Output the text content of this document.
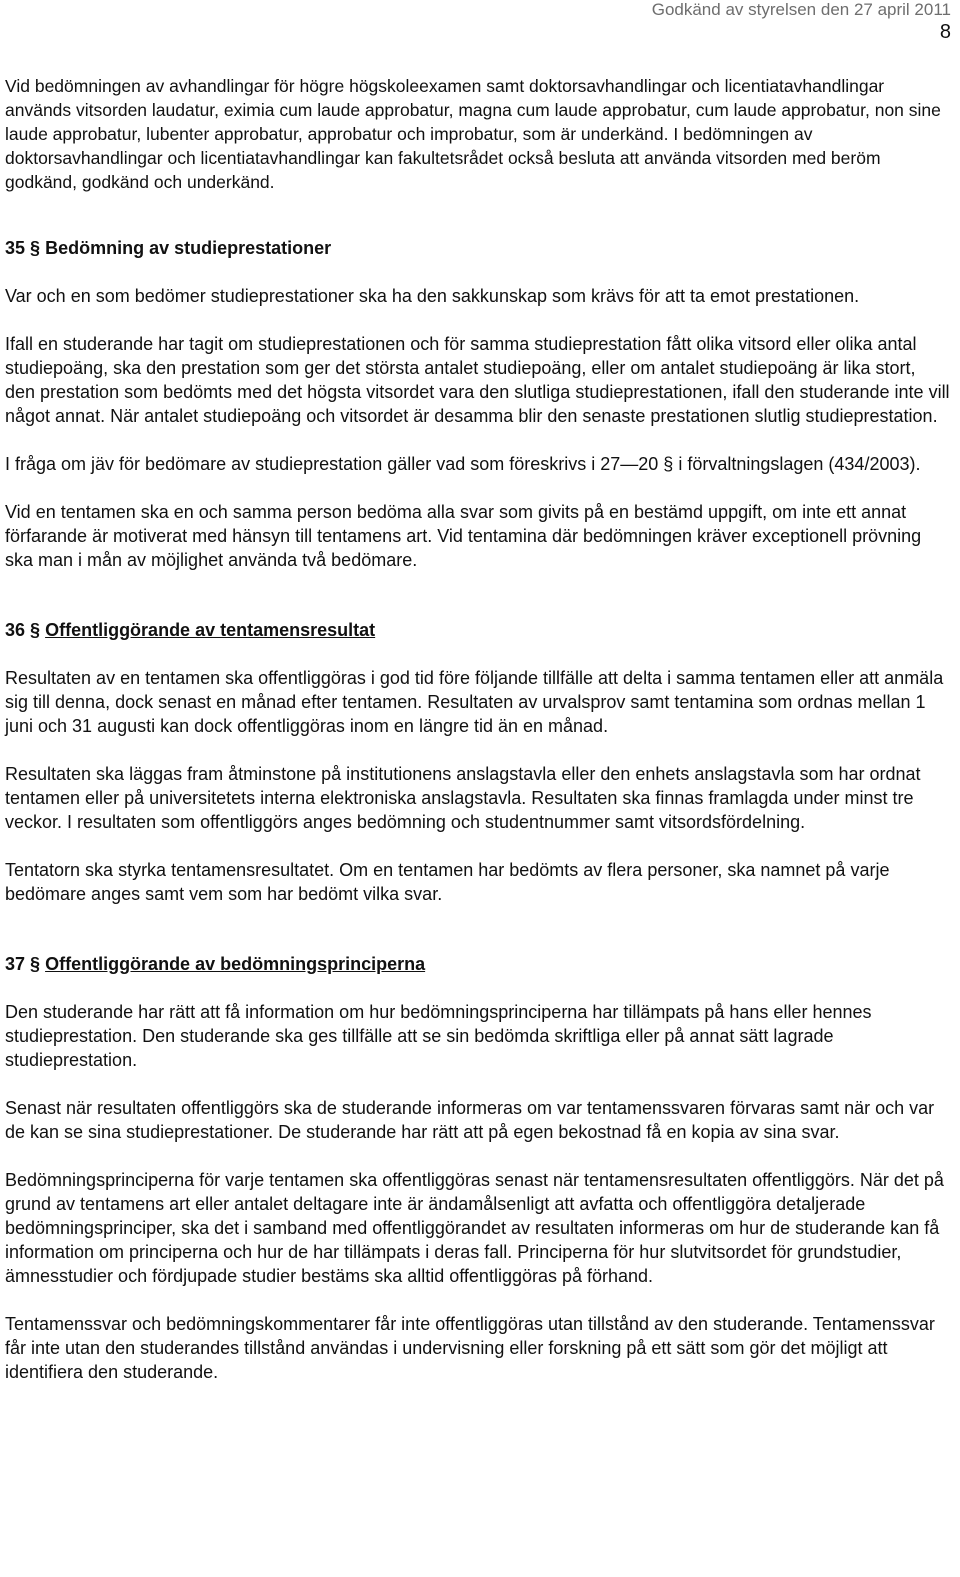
Godkänd av styrelsen den 27 april 2011
8

Vid bedömningen av avhandlingar för högre högskoleexamen samt doktorsavhandlingar och licentiatavhandlingar används vitsorden laudatur, eximia cum laude approbatur, magna cum laude approbatur, cum laude approbatur, non sine laude approbatur, lubenter approbatur, approbatur och improbatur, som är underkänd. I bedömningen av doktorsavhandlingar och licentiatavhandlingar kan fakultetsrådet också besluta att använda vitsorden med beröm godkänd, godkänd och underkänd.

35 § Bedömning av studieprestationer

Var och en som bedömer studieprestationer ska ha den sakkunskap som krävs för att ta emot prestationen.

Ifall en studerande har tagit om studieprestationen och för samma studieprestation fått olika vitsord eller olika antal studiepoäng, ska den prestation som ger det största antalet studiepoäng, eller om antalet studiepoäng är lika stort, den prestation som bedömts med det högsta vitsordet vara den slutliga studieprestationen, ifall den studerande inte vill något annat. När antalet studiepoäng och vitsordet är desamma blir den senaste prestationen slutlig studieprestation.

I fråga om jäv för bedömare av studieprestation gäller vad som föreskrivs i 27—20 § i förvaltningslagen (434/2003).

Vid en tentamen ska en och samma person bedöma alla svar som givits på en bestämd uppgift, om inte ett annat förfarande är motiverat med hänsyn till tentamens art. Vid tentamina där bedömningen kräver exceptionell prövning ska man i mån av möjlighet använda två bedömare.

36 § Offentliggörande av tentamensresultat

Resultaten av en tentamen ska offentliggöras i god tid före följande tillfälle att delta i samma tentamen eller att anmäla sig till denna, dock senast en månad efter tentamen. Resultaten av urvalsprov samt tentamina som ordnas mellan 1 juni och 31 augusti kan dock offentliggöras inom en längre tid än en månad.

Resultaten ska läggas fram åtminstone på institutionens anslagstavla eller den enhets anslagstavla som har ordnat tentamen eller på universitetets interna elektroniska anslagstavla. Resultaten ska finnas framlagda under minst tre veckor. I resultaten som offentliggörs anges bedömning och studentnummer samt vitsordsfördelning.

Tentatorn ska styrka tentamensresultatet. Om en tentamen har bedömts av flera personer, ska namnet på varje bedömare anges samt vem som har bedömt vilka svar.

37 § Offentliggörande av bedömningsprinciperna

Den studerande har rätt att få information om hur bedömningsprinciperna har tillämpats på hans eller hennes studieprestation. Den studerande ska ges tillfälle att se sin bedömda skriftliga eller på annat sätt lagrade studieprestation.

Senast när resultaten offentliggörs ska de studerande informeras om var tentamenssvaren förvaras samt när och var de kan se sina studieprestationer. De studerande har rätt att på egen bekostnad få en kopia av sina svar.

Bedömningsprinciperna för varje tentamen ska offentliggöras senast när tentamensresultaten offentliggörs. När det på grund av tentamens art eller antalet deltagare inte är ändamålsenligt att avfatta och offentliggöra detaljerade bedömningsprinciper, ska det i samband med offentliggörandet av resultaten informeras om hur de studerande kan få information om principerna och hur de har tillämpats i deras fall. Principerna för hur slutvitsordet för grundstudier, ämnesstudier och fördjupade studier bestäms ska alltid offentliggöras på förhand.

Tentamenssvar och bedömningskommentarer får inte offentliggöras utan tillstånd av den studerande. Tentamenssvar får inte utan den studerandes tillstånd användas i undervisning eller forskning på ett sätt som gör det möjligt att identifiera den studerande.
